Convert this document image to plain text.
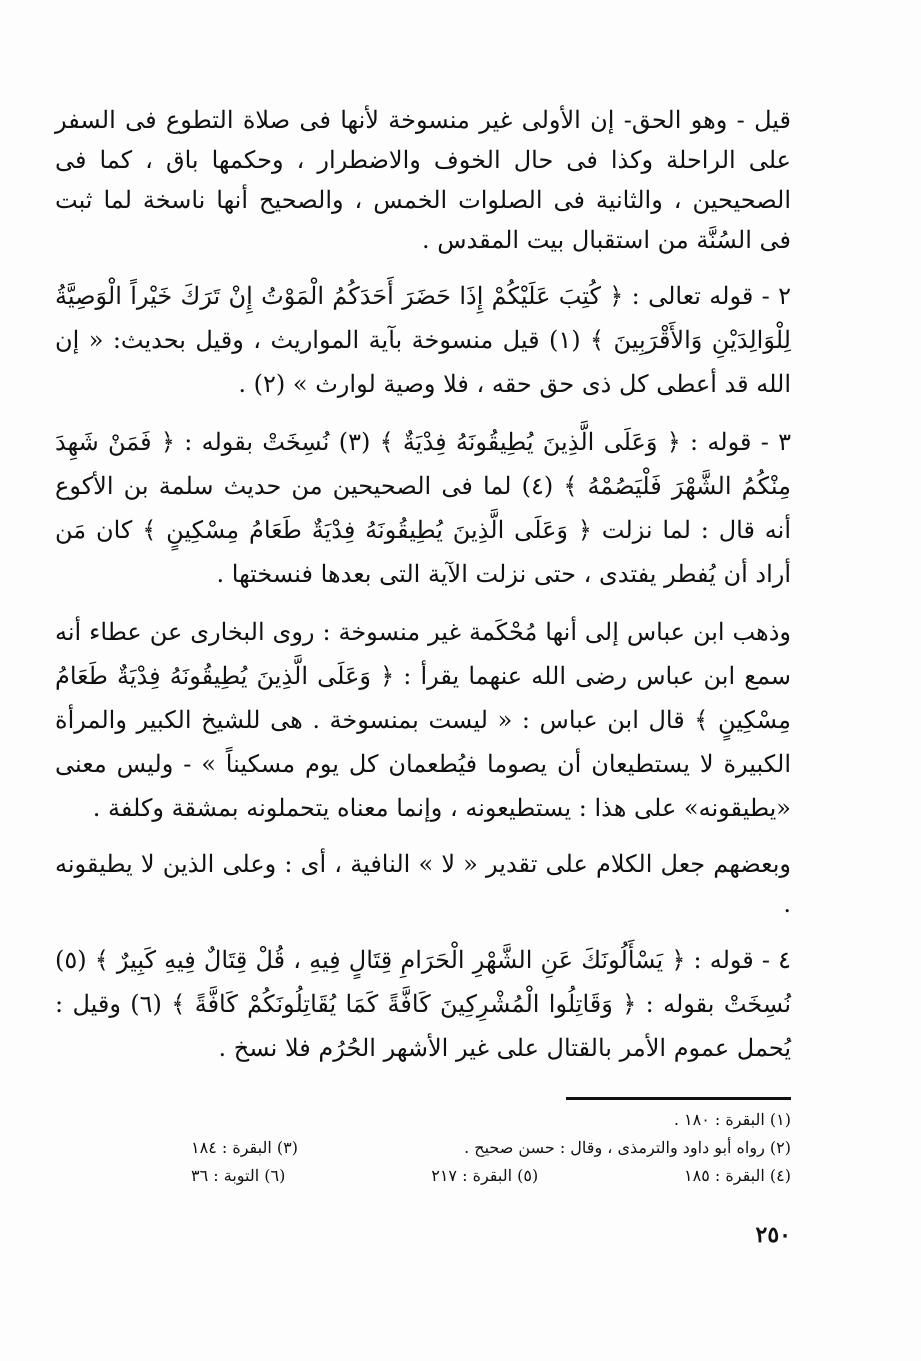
قيل - وهو الحق- إن الأولى غير منسوخة لأنها فى صلاة التطوع فى السفر على الراحلة وكذا فى حال الخوف والاضطرار ، وحكمها باق ، كما فى الصحيحين ، والثانية فى الصلوات الخمس ، والصحيح أنها ناسخة لما ثبت فى السُنَّة من استقبال بيت المقدس .

٢ - قوله تعالى : ﴿ كُتِبَ عَلَيْكُمْ إِذَا حَضَرَ أَحَدَكُمُ الْمَوْتُ إِنْ تَرَكَ خَيْراً الْوَصِيَّةُ لِلْوَالِدَيْنِ وَالأَقْرَبِينَ ﴾ (١) قيل منسوخة بآية المواريث ، وقيل بحديث: « إن الله قد أعطى كل ذى حق حقه ، فلا وصية لوارث » (٢) .

٣ - قوله : ﴿ وَعَلَى الَّذِينَ يُطِيقُونَهُ فِدْيَةٌ ﴾ (٣) نُسِخَتْ بقوله : ﴿ فَمَنْ شَهِدَ مِنْكُمُ الشَّهْرَ فَلْيَصُمْهُ ﴾ (٤) لما فى الصحيحين من حديث سلمة بن الأكوع أنه قال : لما نزلت ﴿ وَعَلَى الَّذِينَ يُطِيقُونَهُ فِدْيَةٌ طَعَامُ مِسْكِينٍ ﴾ كان مَن أراد أن يُفطر يفتدى ، حتى نزلت الآية التى بعدها فنسختها .

وذهب ابن عباس إلى أنها مُحْكَمة غير منسوخة : روى البخارى عن عطاء أنه سمع ابن عباس رضى الله عنهما يقرأ : ﴿ وَعَلَى الَّذِينَ يُطِيقُونَهُ فِدْيَةٌ طَعَامُ مِسْكِينٍ ﴾ قال ابن عباس : « ليست بمنسوخة . هى للشيخ الكبير والمرأة الكبيرة لا يستطيعان أن يصوما فيُطعمان كل يوم مسكيناً » - وليس معنى «يطيقونه» على هذا : يستطيعونه ، وإنما معناه يتحملونه بمشقة وكلفة .

وبعضهم جعل الكلام على تقدير « لا » النافية ، أى : وعلى الذين لا يطيقونه .

٤ - قوله : ﴿ يَسْأَلُونَكَ عَنِ الشَّهْرِ الْحَرَامِ قِتَالٍ فِيهِ ، قُلْ قِتَالٌ فِيهِ كَبِيرٌ ﴾ (٥) نُسِخَتْ بقوله : ﴿ وَقَاتِلُوا الْمُشْرِكِينَ كَافَّةً كَمَا يُقَاتِلُونَكُمْ كَافَّةً ﴾ (٦) وقيل : يُحمل عموم الأمر بالقتال على غير الأشهر الحُرُم فلا نسخ .

(١) البقرة : ١٨٠ .
(٢) رواه أبو داود والترمذى ، وقال : حسن صحيح .
(٣) البقرة : ١٨٤
(٤) البقرة : ١٨٥
(٥) البقرة : ٢١٧
(٦) التوبة : ٣٦
٢٥٠
